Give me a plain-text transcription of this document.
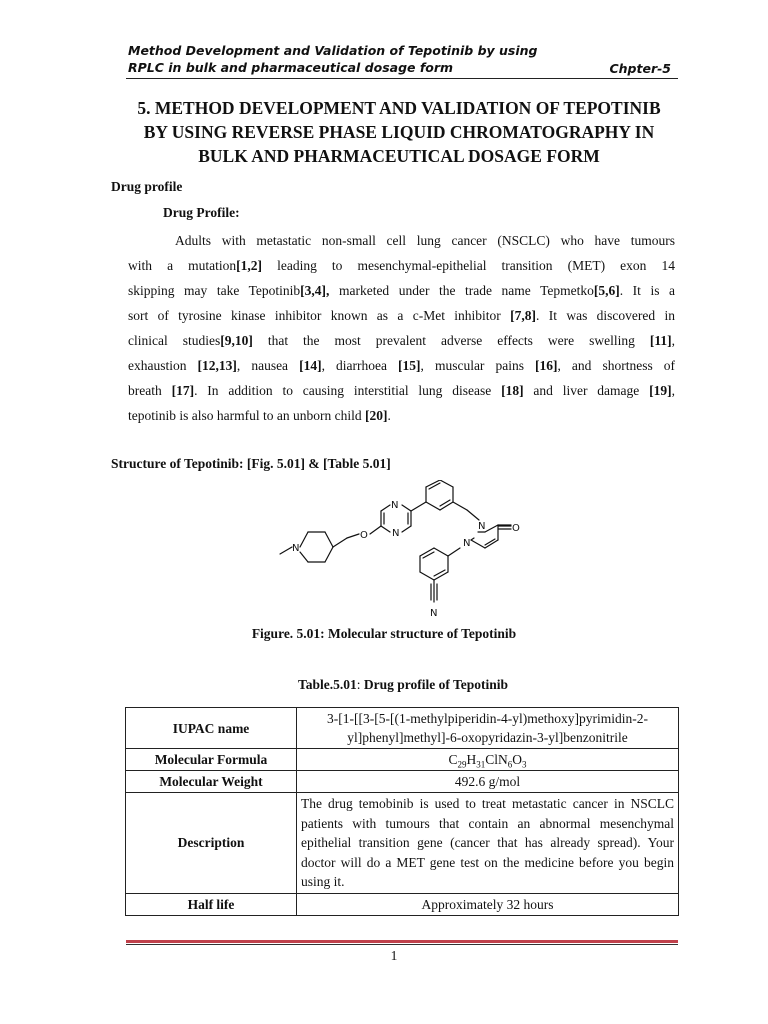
Method Development and Validation of Tepotinib by using
RPLC in bulk and pharmaceutical dosage form	Chpter-5
5. METHOD DEVELOPMENT AND VALIDATION OF TEPOTINIB
BY USING REVERSE PHASE LIQUID CHROMATOGRAPHY IN
BULK AND PHARMACEUTICAL DOSAGE FORM
Drug profile
Drug Profile:
Adults with metastatic non-small cell lung cancer (NSCLC) who have tumours
with a mutation[1,2] leading to mesenchymal-epithelial transition (MET) exon 14
skipping may take Tepotinib[3,4], marketed under the trade name Tepmetko[5,6]. It is a
sort of tyrosine kinase inhibitor known as a c-Met inhibitor [7,8]. It was discovered in
clinical studies[9,10] that the most prevalent adverse effects were swelling [11],
exhaustion [12,13], nausea [14], diarrhoea [15], muscular pains [16], and shortness of
breath [17]. In addition to causing interstitial lung disease [18] and liver damage [19],
tepotinib is also harmful to an unborn child [20].
Structure of Tepotinib: [Fig. 5.01] & [Table 5.01]
N
O
N
N
N
N
O
N
Figure. 5.01: Molecular structure of Tepotinib
Table.5.01: Drug profile of Tepotinib
IUPAC name	3-[1-[[3-[5-[(1-methylpiperidin-4-yl)methoxy]pyrimidin-2-yl]phenyl]methyl]-6-oxopyridazin-3-yl]benzonitrile
Molecular Formula	$C_{29}H_{31}ClN_6O_3$
Molecular Weight	492.6 g/mol
Description	The drug temobinib is used to treat metastatic cancer in NSCLC patients with tumours that contain an abnormal mesenchymal epithelial transition gene (cancer that has already spread). Your doctor will do a MET gene test on the medicine before you begin using it.
Half life	Approximately 32 hours
1
